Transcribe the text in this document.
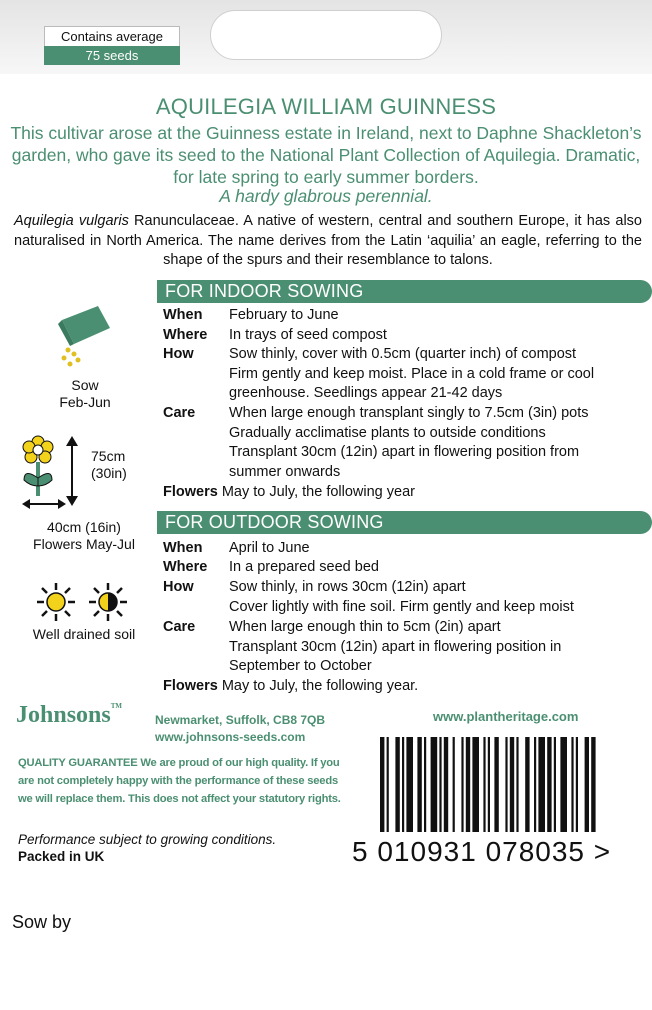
Contains average
75 seeds
AQUILEGIA WILLIAM GUINNESS
This cultivar arose at the Guinness estate in Ireland, next to Daphne Shackleton’s garden, who gave its seed to the National Plant Collection of Aquilegia. Dramatic, for late spring to early summer borders.
A hardy glabrous perennial.
Aquilegia vulgaris Ranunculaceae. A native of western, central and southern Europe, it has also naturalised in North America. The name derives from the Latin ‘aquilia’ an eagle, referring to the shape of the spurs and their resemblance to talons.
FOR INDOOR SOWING
When	February to June
Where	In trays of seed compost
How	Sow thinly, cover with 0.5cm (quarter inch) of compost
Firm gently and keep moist. Place in a cold frame or cool
greenhouse. Seedlings appear 21-42 days
Care	When large enough transplant singly to 7.5cm (3in) pots
Gradually acclimatise plants to outside conditions
Transplant 30cm (12in) apart in flowering position from
summer onwards
Flowers May to July, the following year
FOR OUTDOOR SOWING
When	April to June
Where	In a prepared seed bed
How	Sow thinly, in rows 30cm (12in) apart
Cover lightly with fine soil. Firm gently and keep moist
Care	When large enough thin to 5cm (2in) apart
Transplant 30cm (12in) apart in flowering position in
September to October
Flowers May to July, the following year.
Sow
Feb-Jun
75cm
(30in)
40cm (16in)
Flowers May-Jul
Well drained soil
Johnsons™
Newmarket, Suffolk, CB8 7QB
www.johnsons-seeds.com
www.plantheritage.com
QUALITY GUARANTEE We are proud of our high quality. If you
are not completely happy with the performance of these seeds
we will replace them. This does not affect your statutory rights.
Performance subject to growing conditions.
Packed in UK
Sow by
5 010931 078035 >
